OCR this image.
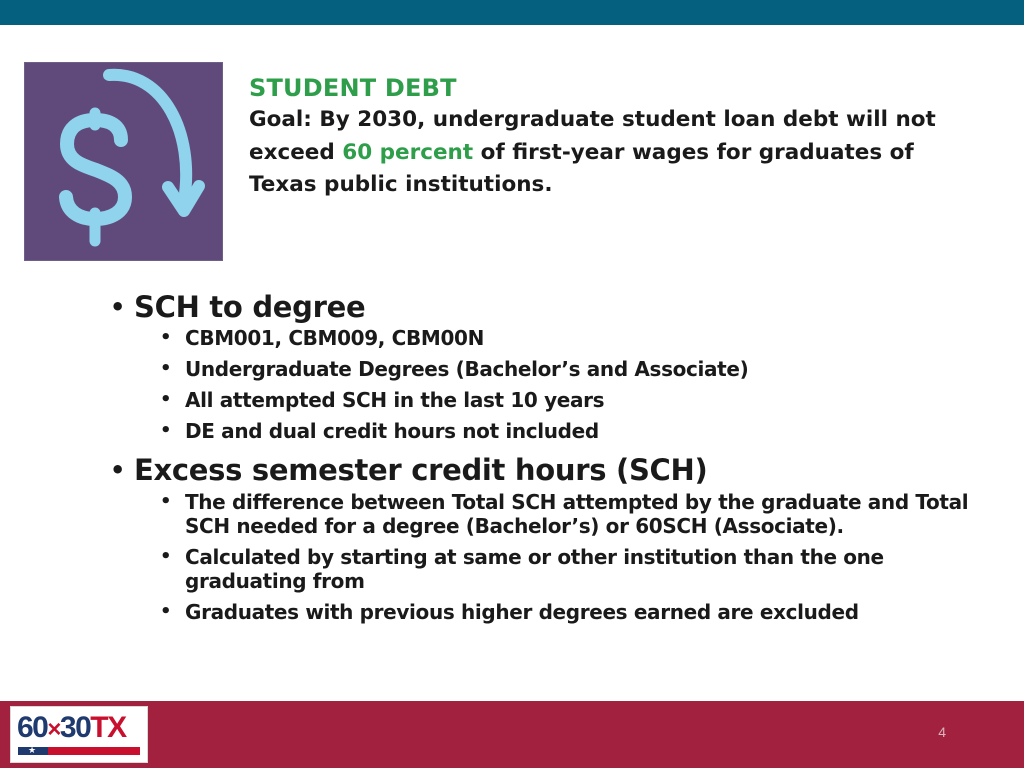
STUDENT DEBT
Goal: By 2030, undergraduate student loan debt will not exceed 60 percent of first-year wages for graduates of Texas public institutions.
• SCH to degree
• CBM001, CBM009, CBM00N
• Undergraduate Degrees (Bachelor’s and Associate)
• All attempted SCH in the last 10 years
• DE and dual credit hours not included
• Excess semester credit hours (SCH)
• The difference between Total SCH attempted by the graduate and Total SCH needed for a degree (Bachelor’s) or 60SCH (Associate).
• Calculated by starting at same or other institution than the one graduating from
• Graduates with previous higher degrees earned are excluded
60×30TX
★
4
